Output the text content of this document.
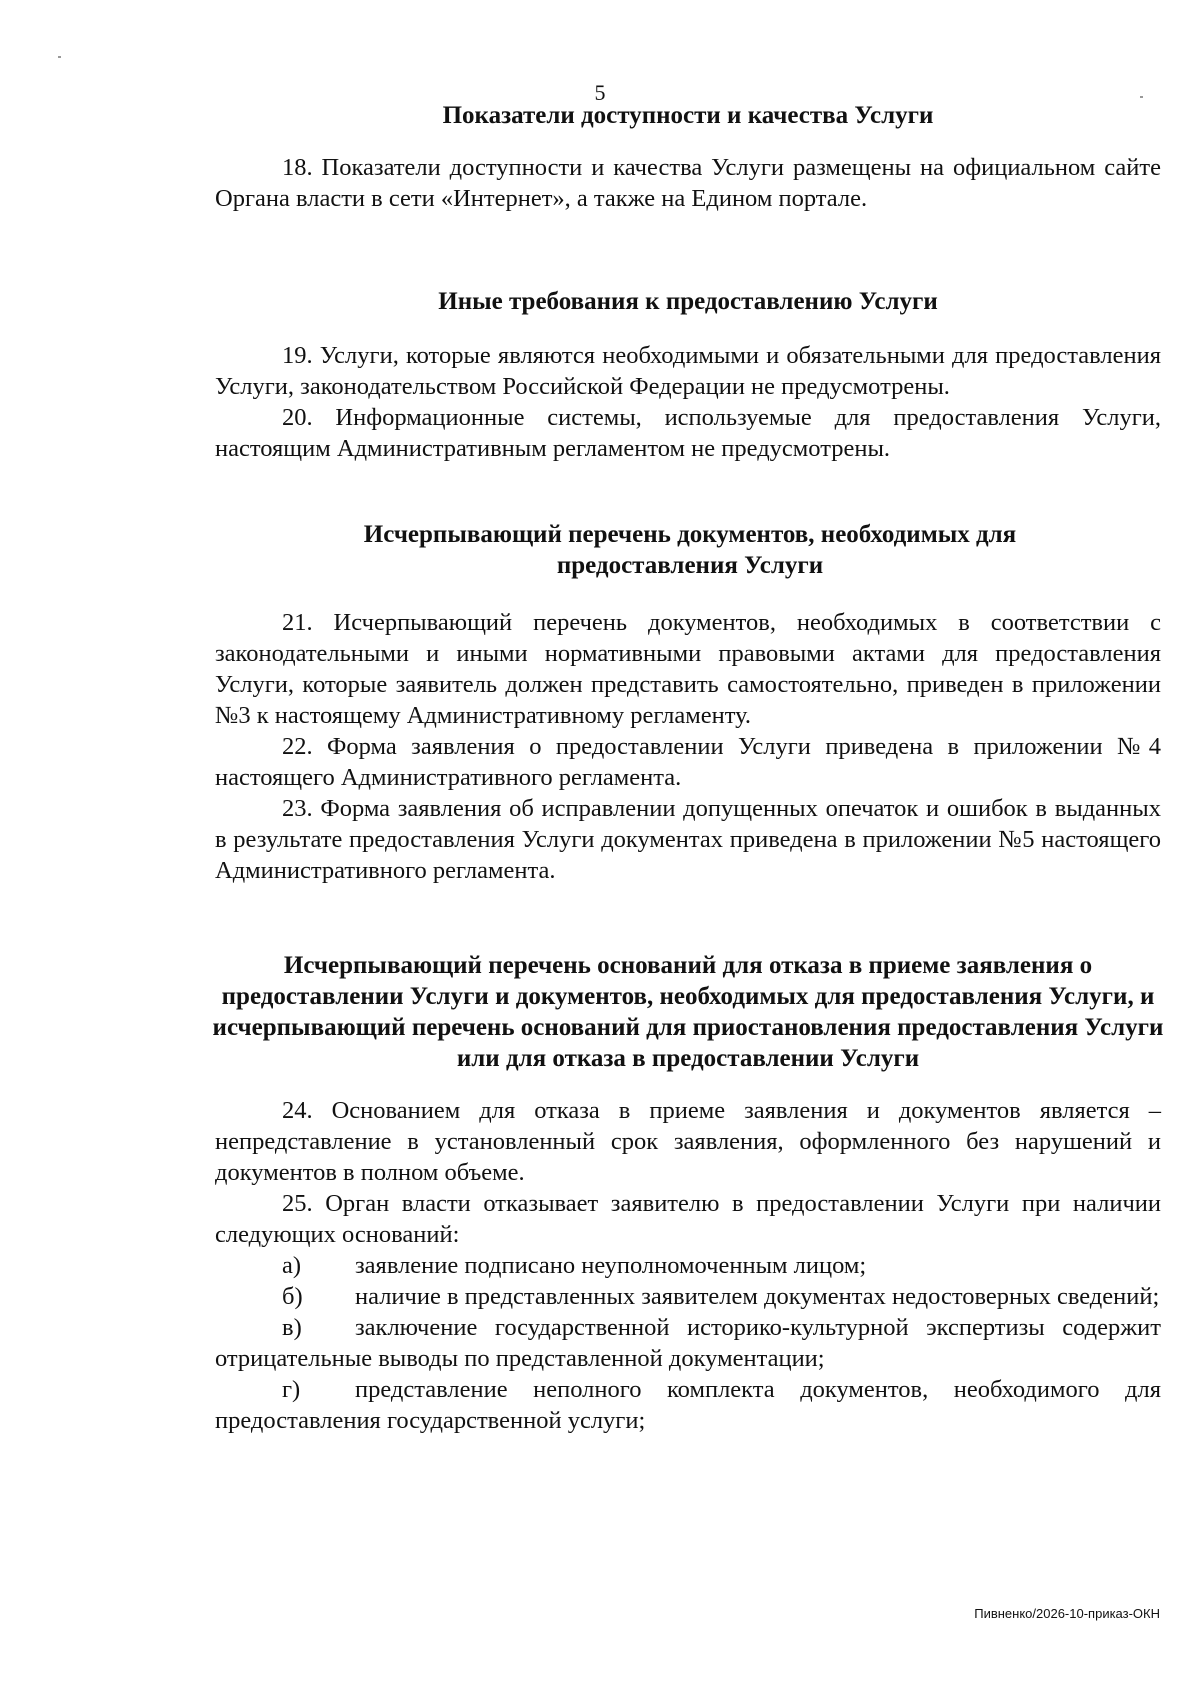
5
Показатели доступности и качества Услуги

18. Показатели доступности и качества Услуги размещены на официальном сайте Органа власти в сети «Интернет», а также на Едином портале.

Иные требования к предоставлению Услуги

19. Услуги, которые являются необходимыми и обязательными для предоставления Услуги, законодательством Российской Федерации не предусмотрены.

20. Информационные системы, используемые для предоставления Услуги, настоящим Административным регламентом не предусмотрены.

Исчерпывающий перечень документов, необходимых для предоставления Услуги

21. Исчерпывающий перечень документов, необходимых в соответствии с законодательными и иными нормативными правовыми актами для предоставления Услуги, которые заявитель должен представить самостоятельно, приведен в приложении №3 к настоящему Административному регламенту.

22. Форма заявления о предоставлении Услуги приведена в приложении №4 настоящего Административного регламента.

23. Форма заявления об исправлении допущенных опечаток и ошибок в выданных в результате предоставления Услуги документах приведена в приложении №5 настоящего Административного регламента.

Исчерпывающий перечень оснований для отказа в приеме заявления о предоставлении Услуги и документов, необходимых для предоставления Услуги, и исчерпывающий перечень оснований для приостановления предоставления Услуги или для отказа в предоставлении Услуги

24. Основанием для отказа в приеме заявления и документов является – непредставление в установленный срок заявления, оформленного без нарушений и документов в полном объеме.

25. Орган власти отказывает заявителю в предоставлении Услуги при наличии следующих оснований:

а) заявление подписано неуполномоченным лицом;

б) наличие в представленных заявителем документах недостоверных сведений;

в) заключение государственной историко-культурной экспертизы содержит отрицательные выводы по представленной документации;

г) представление неполного комплекта документов, необходимого для предоставления государственной услуги;

Пивненко/2026-10-приказ-ОКН
